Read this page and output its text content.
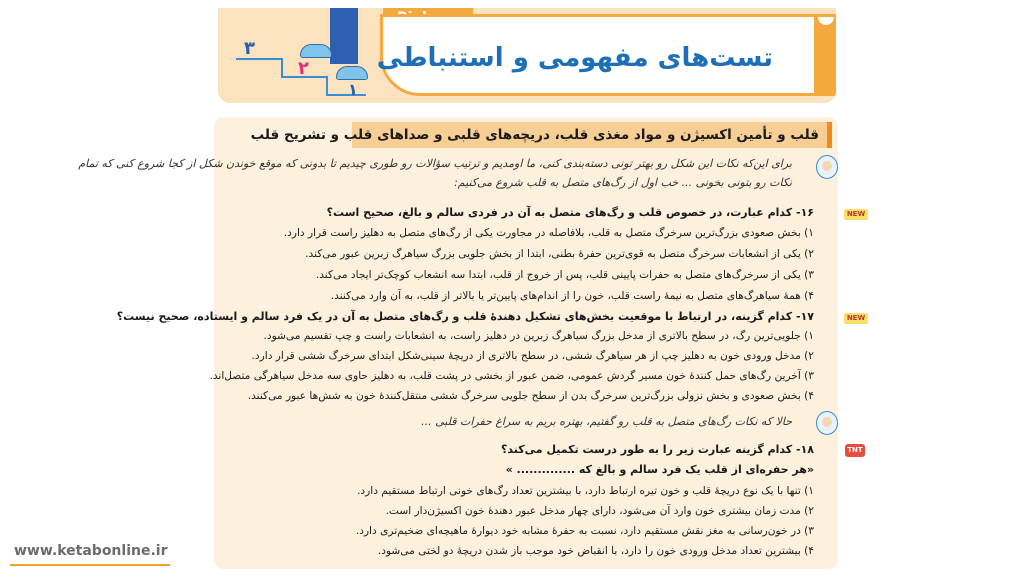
۳
۲
۱
تست‌های مفهومی و استنباطی
قلب و تأمین اکسیژن و مواد مغذی قلب، دریچه‌های قلبی و صداهای قلب و تشریح قلب
برای این‌که نکات این شکل رو بهتر تونی دسته‌بندی کنی، ما اومدیم و ترتیب سؤالات رو طوری چیدیم تا بدونی که موقع خوندن شکل از کجا شروع کنی که تمام
نکات رو بتونی بخونی ... خب اول از رگ‌های متصل به قلب شروع می‌کنیم:
NEW
۱۶- کدام عبارت، در خصوص قلب و رگ‌های متصل به آن در فردی سالم و بالغ، صحیح است؟
۱) بخش صعودی بزرگ‌ترین سرخرگ متصل به قلب، بلافاصله در مجاورت یکی از رگ‌های متصل به دهلیز راست قرار دارد.
۲) یکی از انشعابات سرخرگ متصل به قوی‌ترین حفرهٔ بطنی، ابتدا از بخش جلویی بزرگ سیاهرگ زبرین عبور می‌کند.
۳) یکی از سرخرگ‌های متصل به حفرات پایینی قلب، پس از خروج از قلب، ابتدا سه انشعاب کوچک‌تر ایجاد می‌کند.
۴) همهٔ سیاهرگ‌های متصل به نیمهٔ راست قلب، خون را از اندام‌های پایین‌تر یا بالاتر از قلب، به آن وارد می‌کنند.
NEW
۱۷- کدام گزینه، در ارتباط با موقعیت بخش‌های تشکیل دهندهٔ قلب و رگ‌های متصل به آن در یک فرد سالم و ایستاده، صحیح نیست؟
۱) جلویی‌ترین رگ، در سطح بالاتری از مدخل بزرگ سیاهرگ زبرین در دهلیز راست، به انشعابات راست و چپ تقسیم می‌شود.
۲) مدخل ورودی خون به دهلیز چپ از هر سیاهرگ ششی، در سطح بالاتری از دریچهٔ سینی‌شکل ابتدای سرخرگ ششی قرار دارد.
۳) آخرین رگ‌های حمل کنندهٔ خون مسیر گردش عمومی، ضمن عبور از بخشی در پشت قلب، به دهلیز حاوی سه مدخل سیاهرگی متصل‌اند.
۴) بخش صعودی و بخش نزولی بزرگ‌ترین سرخرگ بدن از سطح جلویی سرخرگ ششی منتقل‌کنندهٔ خون به شش‌ها عبور می‌کنند.
حالا که نکات رگ‌های متصل به قلب رو گفتیم، بهتره بریم به سراغ حفرات قلبی ...
TNT
۱۸- کدام گزینه عبارت زیر را به طور درست تکمیل می‌کند؟
«هر حفره‌ای از قلب یک فرد سالم و بالغ که .............. »
۱) تنها با یک نوع دریچهٔ قلب و خون تیره ارتباط دارد، با بیشترین تعداد رگ‌های خونی ارتباط مستقیم دارد.
۲) مدت زمان بیشتری خون وارد آن می‌شود، دارای چهار مدخل عبور دهندهٔ خون اکسیژن‌دار است.
۳) در خون‌رسانی به مغز نقش مستقیم دارد، نسبت به حفرهٔ مشابه خود دیوارهٔ ماهیچه‌ای ضخیم‌تری دارد.
۴) بیشترین تعداد مدخل ورودی خون را دارد، با انقباض خود موجب باز شدن دریچهٔ دو لختی می‌شود.
www.ketabonline.ir
